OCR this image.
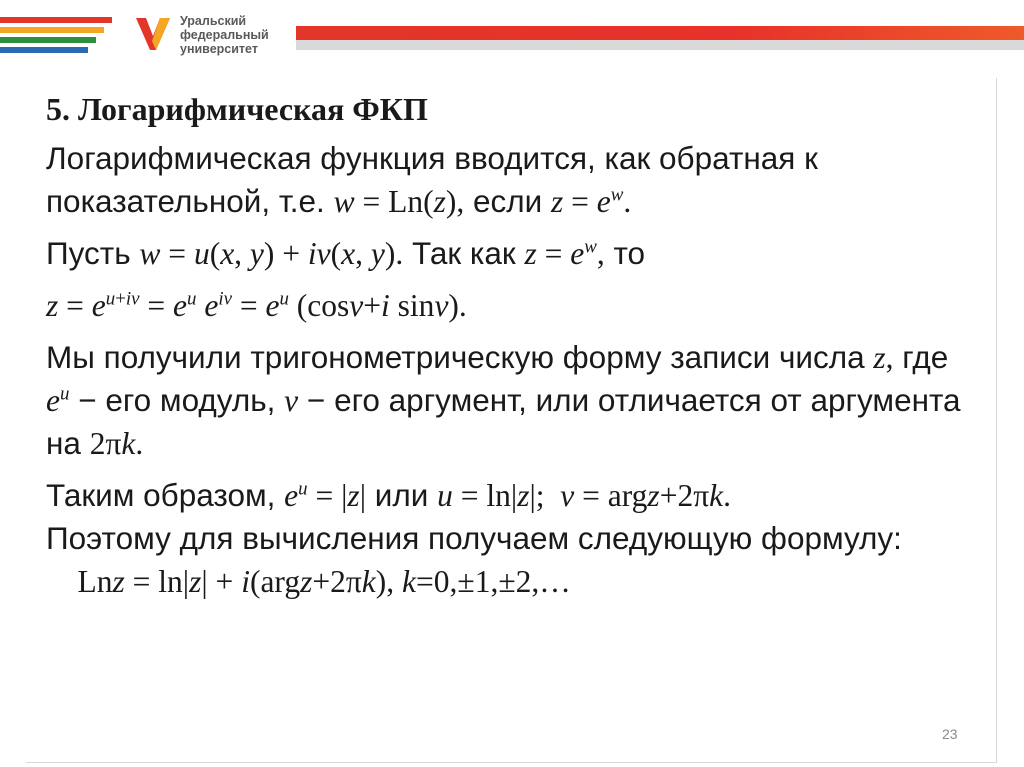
Уральский
федеральный
университет

5. Логарифмическая ФКП

Логарифмическая функция вводится, как обратная к показательной, т.е. w = Ln(z), если $z = e^w$.

Пусть w = u(x, y) + iv(x, y). Так как $z = e^w$, то

$z = e^{u+iv} = e^u$ $e^{iv} = e^u$ (cosv+i sinv).

Мы получили тригонометрическую форму записи числа z, где $e^u$ − его модуль, v − его аргумент, или отличается от аргумента на 2πk.

Таким образом, $e^u = |z|$ или u = ln|z|;  v = argz+2πk.
Поэтому для вычисления получаем следующую формулу:     Lnz = ln|z| + i(argz+2πk), k=0,±1,±2,…

23
